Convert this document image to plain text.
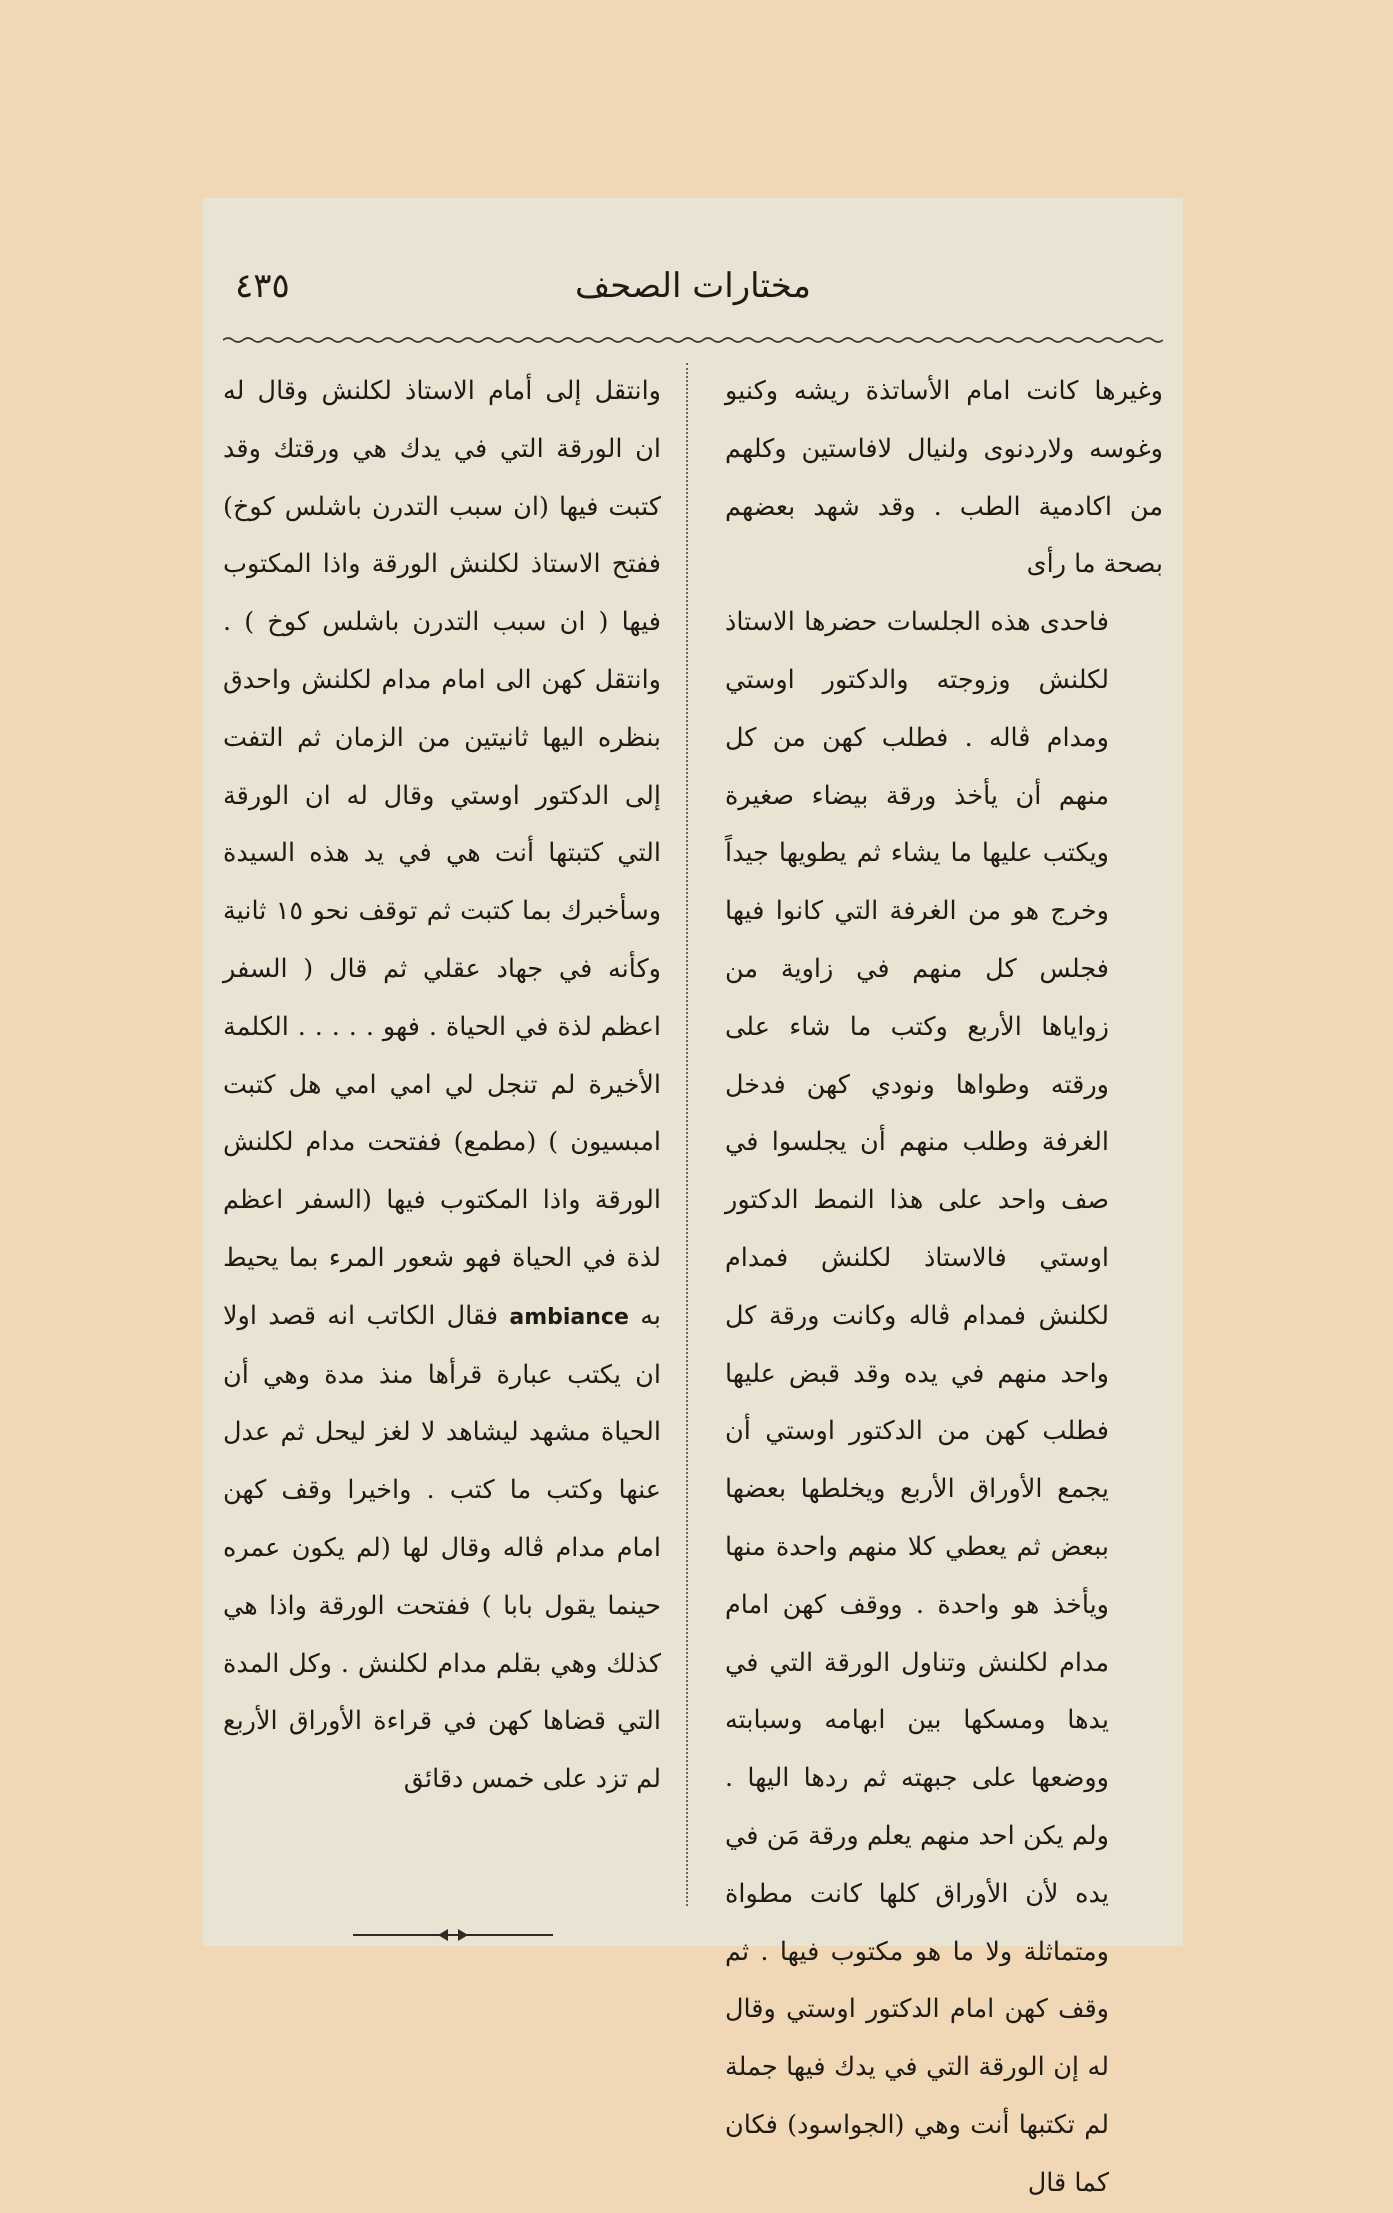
مختارات الصحف
٤٣٥

وغيرها كانت امام الأساتذة ريشه وكنيو وغوسه ولاردنوى ولنيال لافاستين وكلهم من اكادمية الطب . وقد شهد بعضهم بصحة ما رأى

فاحدى هذه الجلسات حضرها الاستاذ لكلنش وزوجته والدكتور اوستي ومدام ڤاله . فطلب كهن من كل منهم أن يأخذ ورقة بيضاء صغيرة ويكتب عليها ما يشاء ثم يطويها جيداً وخرج هو من الغرفة التي كانوا فيها فجلس كل منهم في زاوية من زواياها الأربع وكتب ما شاء على ورقته وطواها ونودي كهن فدخل الغرفة وطلب منهم أن يجلسوا في صف واحد على هذا النمط الدكتور اوستي فالاستاذ لكلنش فمدام لكلنش فمدام ڤاله وكانت ورقة كل واحد منهم في يده وقد قبض عليها فطلب كهن من الدكتور اوستي أن يجمع الأوراق الأربع ويخلطها بعضها ببعض ثم يعطي كلا منهم واحدة منها ويأخذ هو واحدة . ووقف كهن امام مدام لكلنش وتناول الورقة التي في يدها ومسكها بين ابهامه وسبابته ووضعها على جبهته ثم ردها اليها . ولم يكن احد منهم يعلم ورقة مَن في يده لأن الأوراق كلها كانت مطواة ومتماثلة ولا ما هو مكتوب فيها . ثم وقف كهن امام الدكتور اوستي وقال له إن الورقة التي في يدك فيها جملة لم تكتبها أنت وهي (الجواسود) فكان كما قال

وانتقل إلى أمام الاستاذ لكلنش وقال له ان الورقة التي في يدك هي ورقتك وقد كتبت فيها (ان سبب التدرن باشلس كوخ) ففتح الاستاذ لكلنش الورقة واذا المكتوب فيها ( ان سبب التدرن باشلس كوخ ) . وانتقل كهن الى امام مدام لكلنش واحدق بنظره اليها ثانيتين من الزمان ثم التفت إلى الدكتور اوستي وقال له ان الورقة التي كتبتها أنت هي في يد هذه السيدة وسأخبرك بما كتبت ثم توقف نحو ١٥ ثانية وكأنه في جهاد عقلي ثم قال ( السفر اعظم لذة في الحياة . فهو . . . . . الكلمة الأخيرة لم تنجل لي امي امي هل كتبت امبسيون ) (مطمع) ففتحت مدام لكلنش الورقة واذا المكتوب فيها (السفر اعظم لذة في الحياة فهو شعور المرء بما يحيط به ambiance فقال الكاتب انه قصد اولا ان يكتب عبارة قرأها منذ مدة وهي أن الحياة مشهد ليشاهد لا لغز ليحل ثم عدل عنها وكتب ما كتب . واخيرا وقف كهن امام مدام ڤاله وقال لها (لم يكون عمره حينما يقول بابا ) ففتحت الورقة واذا هي كذلك وهي بقلم مدام لكلنش . وكل المدة التي قضاها كهن في قراءة الأوراق الأربع لم تزد على خمس دقائق
